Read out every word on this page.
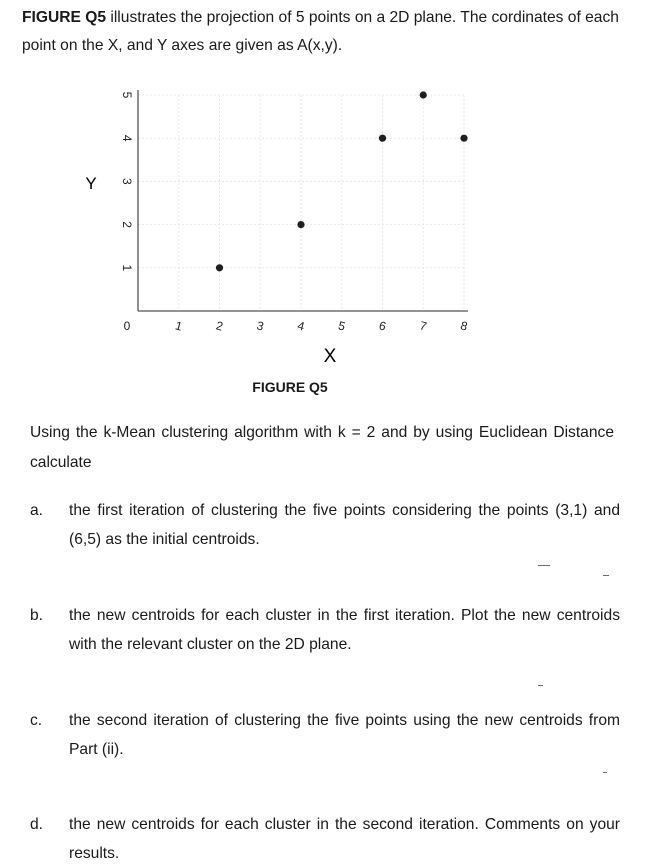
FIGURE Q5 illustrates the projection of 5 points on a 2D plane. The cordinates of each point on the X, and Y axes are given as A(x,y).

1
2
3
4
5
0	1	2	3	4	5	6	7	8
Y
X

FIGURE Q5

Using the k-Mean clustering algorithm with k = 2 and by using Euclidean Distance calculate

a.	the first iteration of clustering the five points considering the points (3,1) and (6,5) as the initial centroids.
b.	the new centroids for each cluster in the first iteration. Plot the new centroids with the relevant cluster on the 2D plane.
c.	the second iteration of clustering the five points using the new centroids from Part (ii).
d.	the new centroids for each cluster in the second iteration. Comments on your results.
